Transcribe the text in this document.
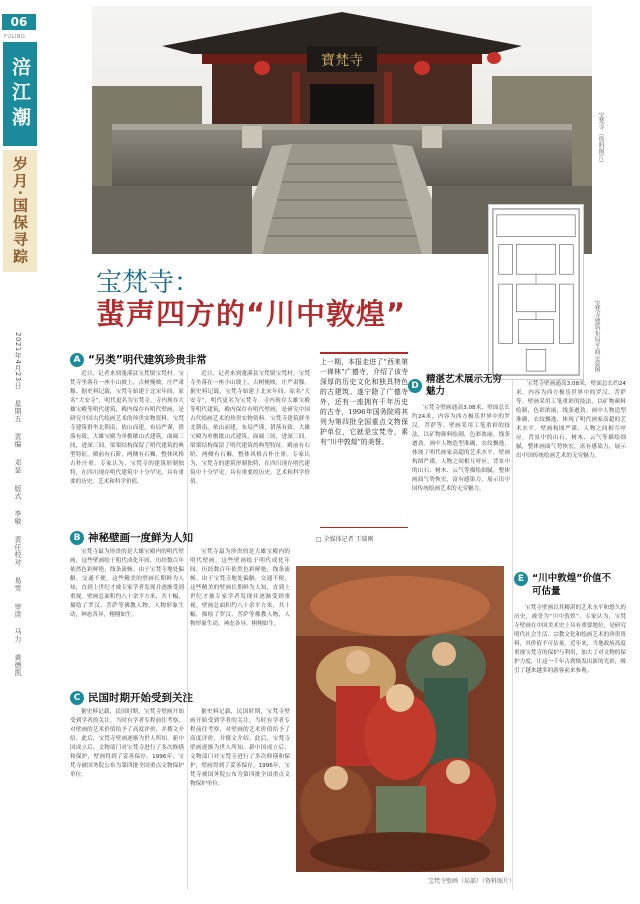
06
FULING
涪江潮
岁月·国保寻踪
2021年4月23日 星期五 责编 邓显 版式 李敏 责任校对 易雪 审读 马力 黄德凯
寶梵寺
宝梵寺（资料图片）
宝梵寺建筑布局平面示意图
宝梵寺：
蜚声四方的“川中敦煌”
A “另类”明代建筑珍贵非常
近日，记者来到蓬溪县宝梵镇宝梵村。宝梵寺坐落在一座小山坡上，古树掩映，庄严肃穆。据史料记载，宝梵寺始建于北宋年间，原名“大安寺”，明代更名为宝梵寺。寺内现存大雄宝殿等明代建筑，殿内保存有明代壁画，是研究中国古代绘画艺术的珍贵实物资料。宝梵寺建筑群坐北朝南，依山而建，布局严谨，错落有致。大雄宝殿为单檐歇山式建筑，面阔三间，进深三间，梁架结构保留了明代建筑的典型特征。殿前有石阶，两侧有石狮，整体风格古朴庄重。专家认为，宝梵寺的建筑形制独特，在四川现存明代建筑中十分罕见，具有重要的历史、艺术和科学价值。
近日，记者来到蓬溪县宝梵镇宝梵村。宝梵寺坐落在一座小山坡上，古树掩映，庄严肃穆。据史料记载，宝梵寺始建于北宋年间，原名“大安寺”，明代更名为宝梵寺。寺内现存大雄宝殿等明代建筑，殿内保存有明代壁画，是研究中国古代绘画艺术的珍贵实物资料。宝梵寺建筑群坐北朝南，依山而建，布局严谨，错落有致。大雄宝殿为单檐歇山式建筑，面阔三间，进深三间，梁架结构保留了明代建筑的典型特征。殿前有石阶，两侧有石狮，整体风格古朴庄重。专家认为，宝梵寺的建筑形制独特，在四川现存明代建筑中十分罕见，具有重要的历史、艺术和科学价值。
B 神秘壁画一度鲜为人知
宝梵寺最为珍贵的是大雄宝殿内的明代壁画。这些壁画绘于明代成化年间，历经数百年依然色彩鲜艳，线条流畅。由于宝梵寺地处偏僻，交通不便，这些精美的壁画长期鲜为人知，直到上世纪才被专家学者发现并逐渐受到重视。壁画总面积约八十余平方米，共十幅，描绘了罗汉、菩萨等佛教人物，人物形象生动，神态各异，栩栩如生。
宝梵寺最为珍贵的是大雄宝殿内的明代壁画。这些壁画绘于明代成化年间，历经数百年依然色彩鲜艳，线条流畅。由于宝梵寺地处偏僻，交通不便，这些精美的壁画长期鲜为人知，直到上世纪才被专家学者发现并逐渐受到重视。壁画总面积约八十余平方米，共十幅，描绘了罗汉、菩萨等佛教人物，人物形象生动，神态各异，栩栩如生。
C 民国时期开始受到关注
据史料记载，民国时期，宝梵寺壁画开始受到学者的关注。当时有学者专程前往考察，对壁画的艺术价值给予了高度评价，并撰文介绍。此后，宝梵寺壁画逐渐为世人所知。新中国成立后，文物部门对宝梵寺进行了多次修缮和保护，壁画得到了妥善保存。1996年，宝梵寺被国务院公布为第四批全国重点文物保护单位。
据史料记载，民国时期，宝梵寺壁画开始受到学者的关注。当时有学者专程前往考察，对壁画的艺术价值给予了高度评价，并撰文介绍。此后，宝梵寺壁画逐渐为世人所知。新中国成立后，文物部门对宝梵寺进行了多次修缮和保护，壁画得到了妥善保存。1996年，宝梵寺被国务院公布为第四批全国重点文物保护单位。
上一期，本报走进了“西来第一禅林”广德寺，介绍了该寺深厚的历史文化和独具特色的古建筑。遂宁除了广德寺外，还有一座拥有千年历史的古寺，1996年国务院将其列为第四批全国重点文物保护单位，它就是宝梵寺，素有“川中敦煌”的美誉。
□ 全媒体记者 王瑞刚
D
精湛艺术展示无穷魅力
宝梵寺壁画通高3.08米，壁面总长约24米，内容为西方极乐世界中的罗汉、菩萨等。壁画采用工笔重彩的技法，以矿物颜料绘制，色彩浓丽，线条遒劲。画中人物造型准确，衣纹飘逸，体现了明代画家高超的艺术水平。壁画构图严谨，人物之间相互呼应，背景中的山石、树木、云气等描绘细腻，整体画面气势恢宏，富有感染力，展示出中国传统绘画艺术的无穷魅力。
宝梵寺壁画通高3.08米，壁面总长约24米，内容为西方极乐世界中的罗汉、菩萨等。壁画采用工笔重彩的技法，以矿物颜料绘制，色彩浓丽，线条遒劲。画中人物造型准确，衣纹飘逸，体现了明代画家高超的艺术水平。壁画构图严谨，人物之间相互呼应，背景中的山石、树木、云气等描绘细腻，整体画面气势恢宏，富有感染力，展示出中国传统绘画艺术的无穷魅力。
E “川中敦煌”价值不可估量
宝梵寺壁画以其精湛的艺术水平和悠久的历史，被誉为“川中敦煌”。专家认为，宝梵寺壁画在中国美术史上具有重要地位，是研究明代社会生活、宗教文化和绘画艺术的珍贵资料，其价值不可估量。近年来，当地政府高度重视宝梵寺的保护与利用，加大了对文物的保护力度，让这一千年古刹焕发出新的光彩，吸引了越来越多的游客前来参观。
宝梵寺壁画（局部）（资料图片）
